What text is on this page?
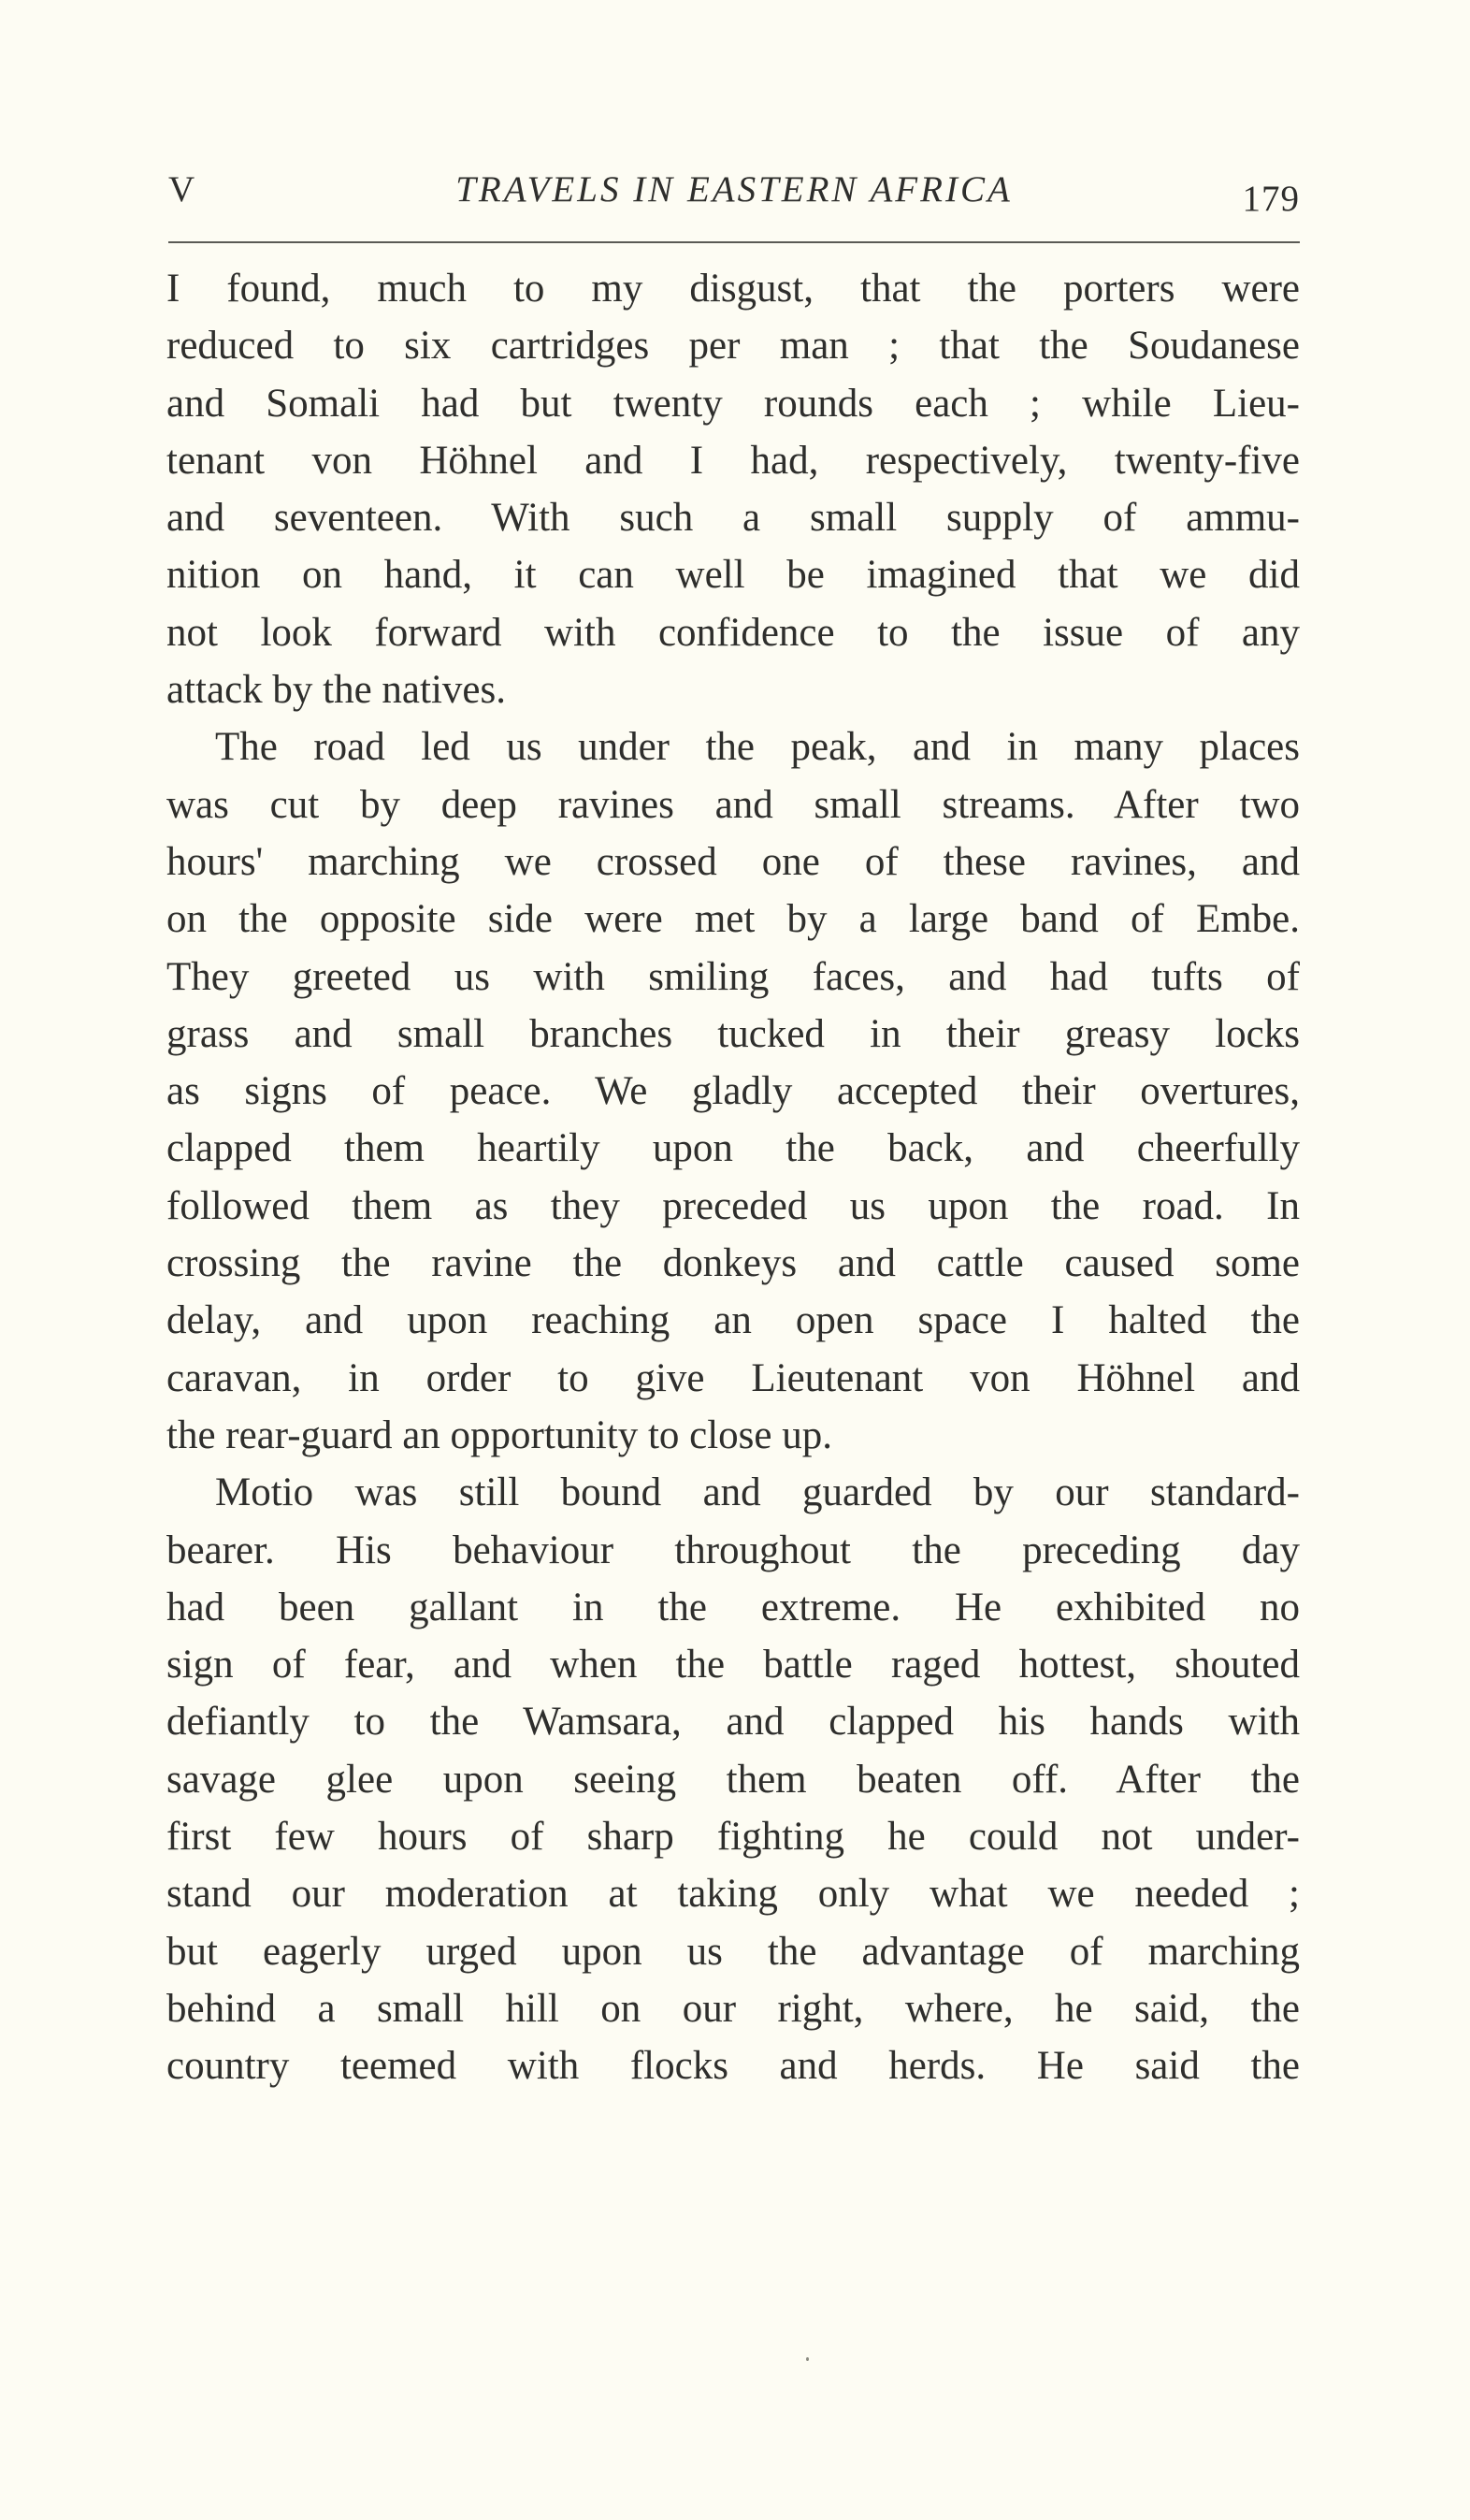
V	TRAVELS IN EASTERN AFRICA	179

I found, much to my disgust, that the porters were
reduced to six cartridges per man ; that the Soudanese
and Somali had but twenty rounds each ; while Lieu-
tenant von Höhnel and I had, respectively, twenty-five
and seventeen. With such a small supply of ammu-
nition on hand, it can well be imagined that we did
not look forward with confidence to the issue of any
attack by the natives.

The road led us under the peak, and in many places
was cut by deep ravines and small streams. After two
hours' marching we crossed one of these ravines, and
on the opposite side were met by a large band of Embe.
They greeted us with smiling faces, and had tufts of
grass and small branches tucked in their greasy locks
as signs of peace. We gladly accepted their overtures,
clapped them heartily upon the back, and cheerfully
followed them as they preceded us upon the road. In
crossing the ravine the donkeys and cattle caused some
delay, and upon reaching an open space I halted the
caravan, in order to give Lieutenant von Höhnel and
the rear-guard an opportunity to close up.

Motio was still bound and guarded by our standard-
bearer. His behaviour throughout the preceding day
had been gallant in the extreme. He exhibited no
sign of fear, and when the battle raged hottest, shouted
defiantly to the Wamsara, and clapped his hands with
savage glee upon seeing them beaten off. After the
first few hours of sharp fighting he could not under-
stand our moderation at taking only what we needed ;
but eagerly urged upon us the advantage of marching
behind a small hill on our right, where, he said, the
country teemed with flocks and herds. He said the
